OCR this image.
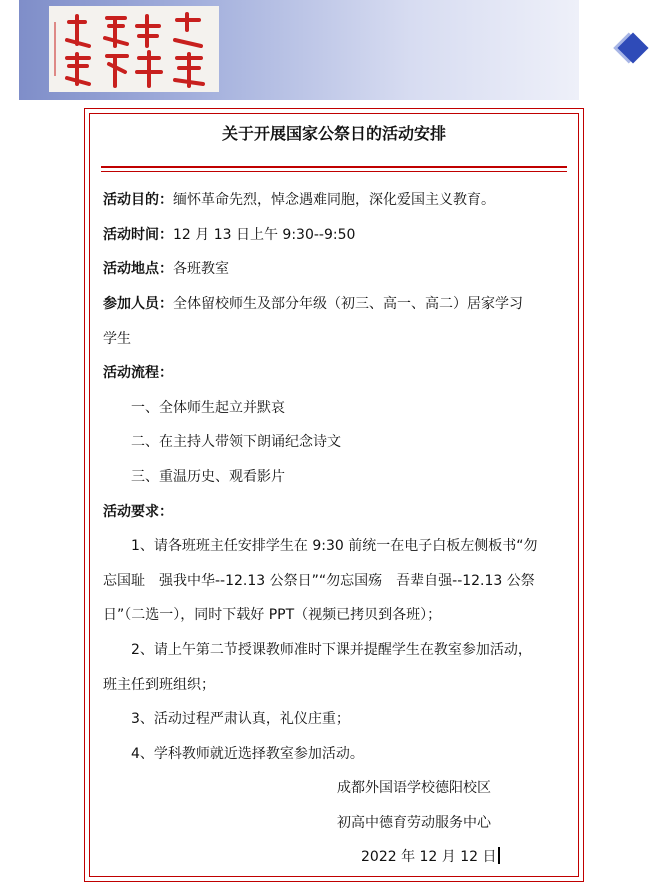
关于开展国家公祭日的活动安排
活动目的：缅怀革命先烈，悼念遇难同胞，深化爱国主义教育。
活动时间：12 月 13 日上午 9:30--9:50
活动地点：各班教室
参加人员：全体留校师生及部分年级（初三、高一、高二）居家学习
学生
活动流程：
一、全体师生起立并默哀
二、在主持人带领下朗诵纪念诗文
三、重温历史、观看影片
活动要求：
1、请各班班主任安排学生在 9:30 前统一在电子白板左侧板书“勿
忘国耻　强我中华--12.13 公祭日”“勿忘国殇　吾辈自强--12.13 公祭
日”（二选一），同时下载好 PPT（视频已拷贝到各班）；
2、请上午第二节授课教师准时下课并提醒学生在教室参加活动，
班主任到班组织；
3、活动过程严肃认真，礼仪庄重；
4、学科教师就近选择教室参加活动。
成都外国语学校德阳校区
初高中德育劳动服务中心
2022 年 12 月 12 日
